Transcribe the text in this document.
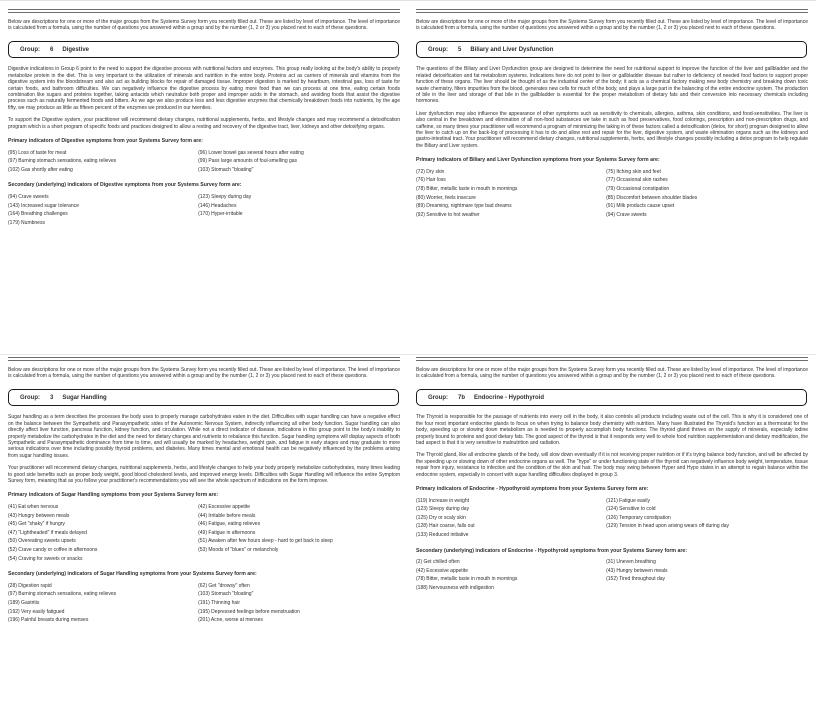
Below are descriptions for one or more of the major groups from the Systems Survey form you recently filled out. These are listed by level of importance. The level of importance is calculated from a formula, using the number of questions you answered within a group and by the number (1, 2 or 3) you placed next to each of these questions.

Group: 6 Digestive

Digestive indications in Group 6 point to the need to support the digestive process with nutritional factors and enzymes. This group really looking at the body's ability to properly metabolize protein in the diet. This is very important to the utilization of minerals and nutrition in the entire body. Proteins act as carriers of minerals and vitamins from the digestive system into the bloodstream and also act as building blocks for repair of damaged tissue. Improper digestion is marked by heartburn, intestinal gas, loss of taste for certain foods, and bathroom difficulties. We can negatively influence the digestive process by eating more food than we can process at one time, eating certain foods combination like sugars and proteins together, taking antacids which neutralize both proper and improper acids in the stomach, and avoiding foods that assist the digestive process such as naturally fermented foods and bitters. As we age we also produce less and less digestive enzymes that chemically breakdown foods into nutrients, by the age fifty, we may produce as little as fifteen percent of the enzymes we produced in our twenties.

To support the Digestive system, your practitioner will recommend dietary changes, nutritional supplements, herbs, and lifestyle changes and may recommend a detoxification program which is a short program of specific foods and practices designed to allow a resting and recovery of the digestive tract, liver, kidneys and other detoxifying organs.

Primary indicators of Digestive symptoms from your Systems Survey form are:
(95) Loss of taste for meat
(97) Burning stomach sensations, eating relieves
(102) Gas shortly after eating
(96) Lower bowel gas several hours after eating
(99) Pass large amounts of foul-smelling gas
(103) Stomach "bloating"
Secondary (underlying) indicators of Digestive symptoms from your Systems Survey form are:
(94) Crave sweets
(143) Increased sugar tolerance
(164) Breathing challenges
(179) Numbness
(123) Sleepy during day
(146) Headaches
(170) Hyper-irritable

Below are descriptions for one or more of the major groups from the Systems Survey form you recently filled out. These are listed by level of importance. The level of importance is calculated from a formula, using the number of questions you answered within a group and by the number (1, 2 or 3) you placed next to each of these questions.

Group: 5 Biliary and Liver Dysfunction

The questions of the Biliary and Liver Dysfunction group are designed to determine the need for nutritional support to improve the function of the liver and gallbladder and the related detoxification and fat metabolism systems. Indications here do not point to liver or gallbladder disease but rather to deficiency of needed food factors to support proper function of these organs. The liver should be thought of as the industrial center of the body; it acts as a chemical factory making new body chemistry and breaking down toxic waste chemistry, filters impurities from the blood, generates new cells for much of the body, and plays a large part in the balancing of the entire endocrine system. The production of bile in the liver and storage of that bile in the gallbladder is essential for the proper metabolism of dietary fats and their conversion into necessary chemicals including hormones.

Liver dysfunction may also influence the appearance of other symptoms such as sensitivity to chemicals, allergies, asthma, skin conditions, and food-sensitivities. The liver is also central in the breakdown and elimination of all non-food substances we take in such as food preservatives, food colorings, prescription and non-prescription drugs, and caffeine, so many times your practitioner will recommend a program of minimizing the taking in of these factors called a detoxification (detox, for short) program designed to allow the liver to catch up on the back-log of processing it has to do and allow rest and repair for the liver, digestive system, and waste elimination organs such as the kidneys and gastro-intestinal tract. Your practitioner will recommend dietary changes, nutritional supplements, herbs, and lifestyle changes possibly including a detox program to help regulate the Biliary and Liver system.

Primary indicators of Biliary and Liver Dysfunction symptoms from your Systems Survey form are:
(72) Dry skin
(76) Hair loss
(78) Bitter, metallic taste in mouth in mornings
(80) Worrier, feels insecure
(89) Dreaming, nightmare type bad dreams
(92) Sensitive to hot weather
(75) Itching skin and feet
(77) Occasional skin rashes
(79) Occasional constipation
(85) Discomfort between shoulder blades
(91) Milk products cause upset
(94) Crave sweets

Below are descriptions for one or more of the major groups from the Systems Survey form you recently filled out. These are listed by level of importance. The level of importance is calculated from a formula, using the number of questions you answered within a group and by the number (1, 2 or 3) you placed next to each of these questions.

Group: 3 Sugar Handling

Sugar handling as a term describes the processes the body uses to properly manage carbohydrates eaten in the diet. Difficulties with sugar handling can have a negative effect on the balance between the Sympathetic and Parasympathetic sides of the Autonomic Nervous System, indirectly influencing all other body function. Sugar handling can also directly affect liver function, pancreas function, kidney function, and circulation. While not a direct indicator of disease, indications in this group point to the body's inability to properly metabolize the carbohydrates in the diet and the need for dietary changes and nutrients to rebalance this function. Sugar handling symptoms will display aspects of both Sympathetic and Parasympathetic dominance from time to time, and will usually be marked by headaches, weight gain, and fatigue in early stages and may graduate to more serious indications over time including possibly thyroid problems, and diabetes. Many times mental and emotional health can be negatively influenced by the problems arising from sugar handling issues.

Your practitioner will recommend dietary changes, nutritional supplements, herbs, and lifestyle changes to help your body properly metabolize carbohydrates, many times leading to good side benefits such as proper body weight, good blood cholesterol levels, and improved energy levels. Difficulties with Sugar Handling will influence the entire Symptom Survey form, meaning that as you follow your practitioner's recommendations you will see the whole spectrum of indications on the form improve.

Primary indicators of Sugar Handling symptoms from your Systems Survey form are:
(41) Eat when nervous
(43) Hungry between meals
(45) Get "shaky" if hungry
(47) "Lightheaded" if meals delayed
(50) Overeating sweets upsets
(52) Crave candy or coffee in afternoons
(54) Craving for sweets or snacks
(42) Excessive appetite
(44) Irritable before meals
(46) Fatigue, eating relieves
(49) Fatigue in afternoons
(51) Awaken after few hours sleep - hard to get back to sleep
(53) Moods of "blues" or melancholy
Secondary (underlying) indicators of Sugar Handling symptoms from your Systems Survey form are:
(28) Digestion rapid
(97) Burning stomach sensations, eating relieves
(189) Gastritis
(192) Very easily fatigued
(196) Painful breasts during menses
(62) Get "drowsy" often
(103) Stomach "bloating"
(191) Thinning hair
(195) Depressed feelings before menstruation
(201) Acne, worse at menses

Below are descriptions for one or more of the major groups from the Systems Survey form you recently filled out. These are listed by level of importance. The level of importance is calculated from a formula, using the number of questions you answered within a group and by the number (1, 2 or 3) you placed next to each of these questions.

Group: 7b Endocrine - Hypothyroid

The Thyroid is responsible for the passage of nutrients into every cell in the body, it also controls all products including waste out of the cell. This is why it is considered one of the four most important endocrine glands to focus on when trying to balance body chemistry with nutrition. Many have illustrated the Thyroid's function as a thermostat for the body, speeding up or slowing down metabolism as is needed to properly accomplish body functions. The thyroid gland thrives on the supply of minerals, especially iodine properly bound to proteins and good dietary fats. The good aspect of the thyroid is that it responds very well to whole food nutrition supplementation and dietary modification, the bad aspect is that it is very sensitive to malnutrition and radiation.

The Thyroid gland, like all endocrine glands of the body, will slow down eventually if it is not receiving proper nutrition or if it's trying balance body function, and will be affected by the speeding up or slowing down of other endocrine organs as well. The "hypo" or under functioning state of the thyroid can negatively influence body weight, temperature, tissue repair from injury, resistance to infection and the condition of the skin and hair. The body may swing between Hyper and Hypo states in an attempt to regain balance within the endocrine system, especially in concert with sugar handling difficulties displayed in group 3.

Primary indicators of Endocrine - Hypothyroid symptoms from your Systems Survey form are:
(119) Increase in weight
(123) Sleepy during day
(125) Dry or scaly skin
(128) Hair coarse, falls out
(133) Reduced initiative
(121) Fatigue easily
(124) Sensitive to cold
(126) Temporary constipation
(129) Tension in head upon arising wears off during day
Secondary (underlying) indicators of Endocrine - Hypothyroid symptoms from your Systems Survey form are:
(2) Get chilled often
(42) Excessive appetite
(78) Bitter, metallic taste in mouth in mornings
(188) Nervousness with indigestion
(31) Uneven breathing
(43) Hungry between meals
(152) Tired throughout day
